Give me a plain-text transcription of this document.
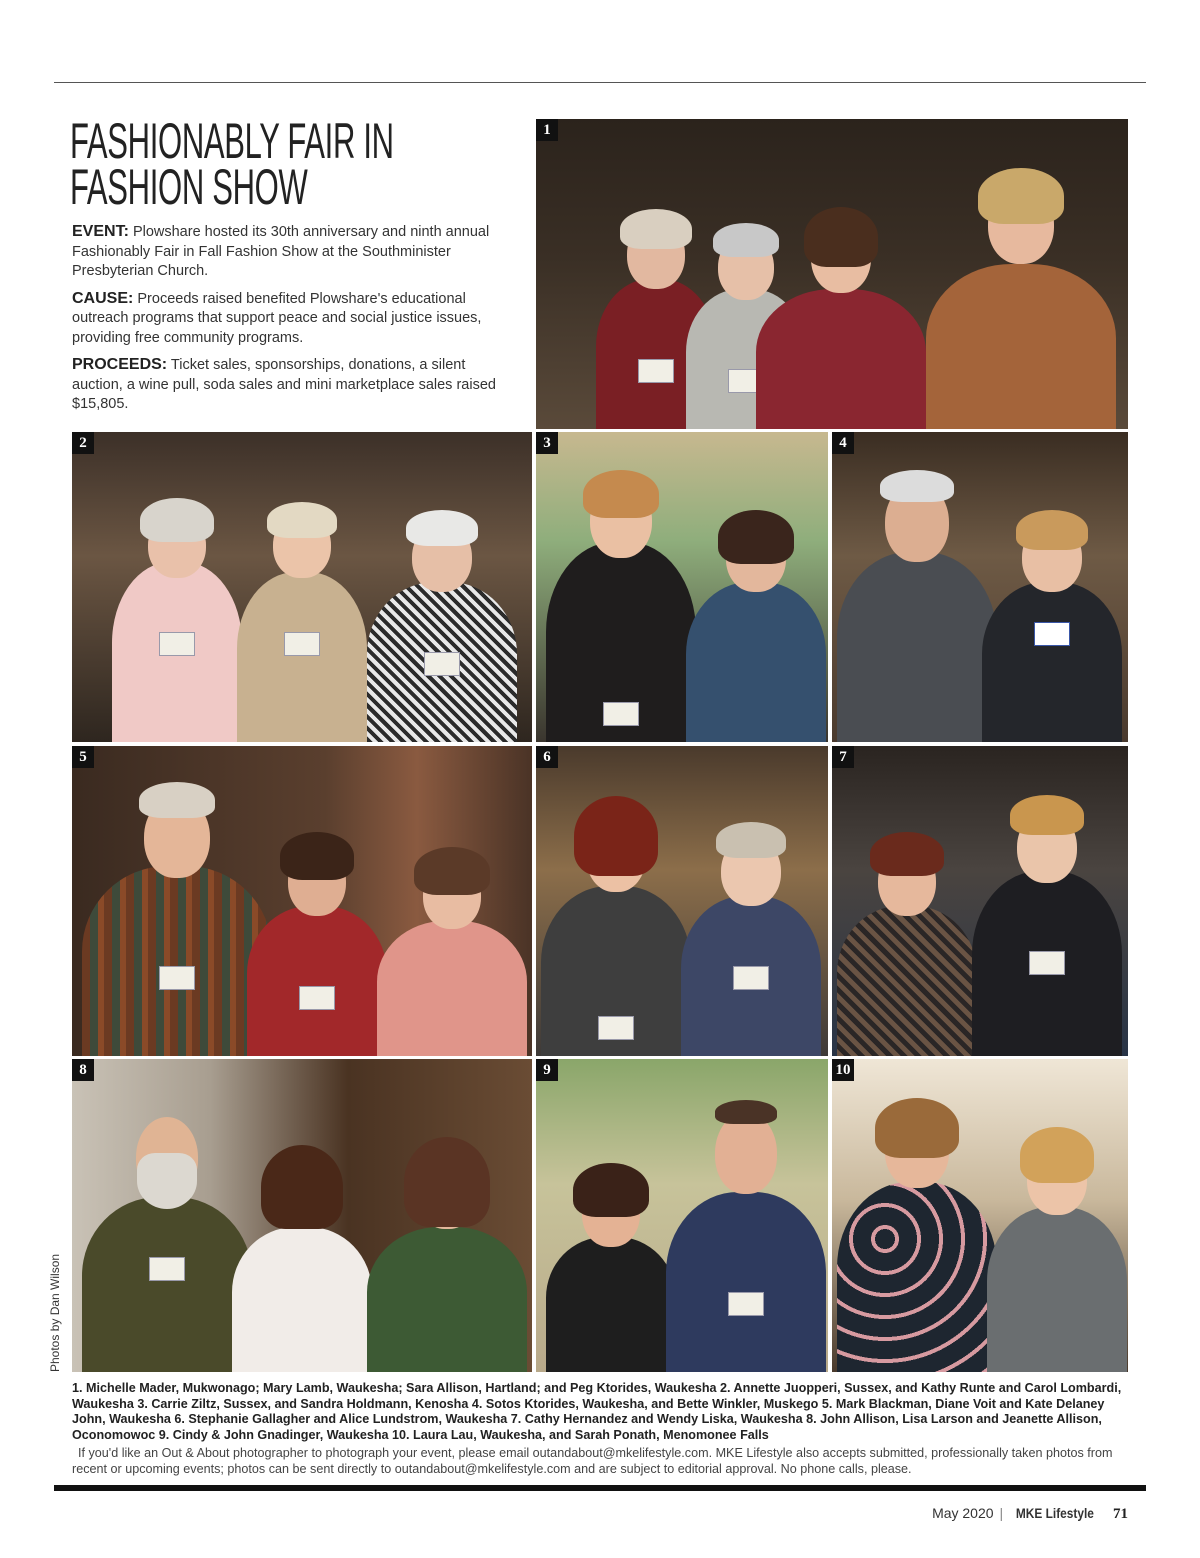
FASHIONABLY FAIR IN
FASHION SHOW

EVENT: Plowshare hosted its 30th anniversary and ninth annual Fashionably Fair in Fall Fashion Show at the Southminister Presbyterian Church.

CAUSE: Proceeds raised benefited Plowshare's educational outreach programs that support peace and social justice issues, providing free community programs.

PROCEEDS: Ticket sales, sponsorships, donations, a silent auction, a wine pull, soda sales and mini marketplace sales raised $15,805.

1
2	3	4
5	6	7
8	9	10
Photos by Dan Wilson
1. Michelle Mader, Mukwonago; Mary Lamb, Waukesha; Sara Allison, Hartland; and Peg Ktorides, Waukesha 2. Annette Juopperi, Sussex, and Kathy Runte and Carol Lombardi, Waukesha 3. Carrie Ziltz, Sussex, and Sandra Holdmann, Kenosha 4. Sotos Ktorides, Waukesha, and Bette Winkler, Muskego 5. Mark Blackman, Diane Voit and Kate Delaney John, Waukesha 6. Stephanie Gallagher and Alice Lundstrom, Waukesha 7. Cathy Hernandez and Wendy Liska, Waukesha 8. John Allison, Lisa Larson and Jeanette Allison, Oconomowoc 9. Cindy & John Gnadinger, Waukesha 10. Laura Lau, Waukesha, and Sarah Ponath, Menomonee Falls
If you'd like an Out & About photographer to photograph your event, please email outandabout@mkelifestyle.com. MKE Lifestyle also accepts submitted, professionally taken photos from recent or upcoming events; photos can be sent directly to outandabout@mkelifestyle.com and are subject to editorial approval. No phone calls, please.
May 2020 | MKE Lifestyle 71
